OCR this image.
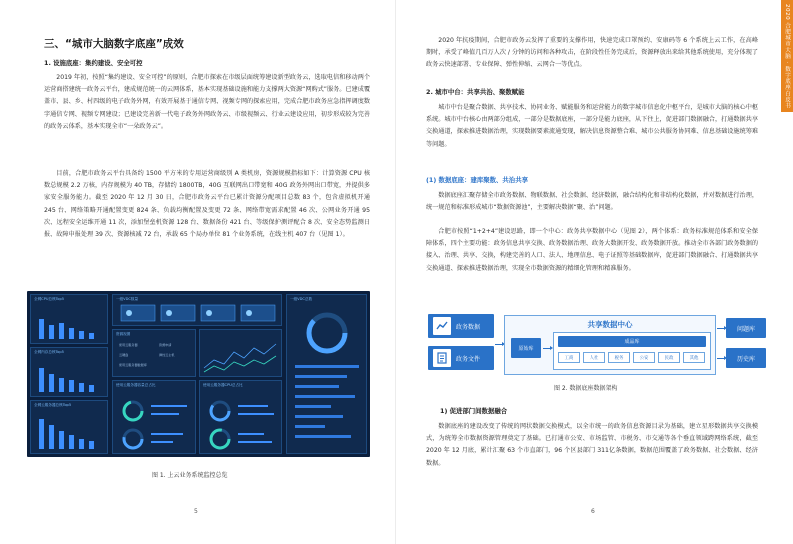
三、“城市大脑数字底座”成效
1. 设施底座：集约建设、安全可控

2019 年初，按照“集约建设、安全可控”的原则，合肥市探索在市级层面统筹建设新型政务云，选取电信和移动两个运营商搭建统一政务云平台，建成规范统一的云网体系，基本实现基础设施和能力支撑两大资源“网购式”服务。已建成覆盖市、县、乡、村四级的电子政务外网，有效开展基于通信专网、视频专网的探索应用，完成合肥市政务应急指挥调度数字通信专网、视频专网建设；已建设完善新一代电子政务外网政务云、市级视频云、行业云建设应用，初步形成较为完善的政务云体系，基本实现全市“一朵政务云”。

目前，合肥市政务云平台具备约 1500 平方米的专用运营商级别 A 类机房，资源规模指标如下：计算资源 CPU 核数总规模 2.2 万核，内存规模为 40 TB，存储约 1800TB，40G 互联网出口带宽和 40G 政务外网出口带宽，并提供多家安全服务能力。截至 2020 年 12 月 30 日，合肥市政务云平台已累计资源分配项目总数 83 个，包含虚拟机开通 245 台、网络策略开通配置变更 824 条、负载均衡配置及变更 72 条、网络带宽需求配置 46 次、公网业务开通 95 次、远程安全运维开通 11 次，添加堡垒机资源 128 台、数据备份 421 台、等级保护测评配合 8 次、安全态势监测日报、故障申报处理 39 次、资源核减 72 台，承载 65 个局办单位 81 个业务系统，在线主机 407 台（见图 1）。

全网CPU总核Top5
全网内存总核Top5
全网云服务器总核Top5
一级VDC数量
资源视图
使用云服务器	资源申请
云硬盘	弹性云主机
使用云服务器数据库
使用云服务器容量总占比	使用云服务器CPU总占比
一级VDC总数
图 1. 上云业务系统监控总览
5

2020 年抗疫期间，合肥市政务云发挥了重要的支撑作用，快速完成口罩预约、安康码等 6 个系统上云工作，在高峰期时，承受了峰值几百万人次 / 分钟的访问和各种攻击，在阶段性任务完成后，资源释放出来给其他系统使用，充分体现了政务云快速部署、专业保障、弹性伸缩、云网合一等优点。

2. 城市中台：共享共治、聚数赋能

城市中台是聚合数据、共享技术、协同业务、赋能服务和运营能力的数字城市信息化中枢平台，是城市大脑的核心中枢系统。城市中台核心由两部分组成，一部分是数据底座，一部分是能力底座，从下往上，促进部门数据融合，打通数据共享交换通道，探索推进数据治理，实现数据要素流通变现，解决信息资源整合难、城市公共服务协同难、信息基础设施统筹难等问题。

(1) 数据底座：建库聚数、共治共享

数据底座汇聚存储全市政务数据、物联数据、社会数据、经济数据，融合结构化和非结构化数据，并对数据进行治理，统一规范和标准形成城市“数据资源池”，主要解决数据“聚、治”问题。

合肥市按照“1+2+4”建设思路，即一个中心：政务共享数据中心（见图 2），两个体系：政务标准规范体系和安全保障体系，四个主要功能：政务信息共享交换、政务数据治理、政务大数据开发、政务数据开放。推动全市各部门政务数据的接入、治理、共享、交换，构建完善的人口、法人、地理信息、电子证照等基础数据库，促进部门数据融合、打通数据共享交换通道、探索推进数据治理，实现全市数据资源的精细化管理和精准服务。

政务数据
政务文件
共享数据中心
原始库
成品库
工商	人社	税务	公安	民政	其他
问题库
历史库
图 2. 数据底座数据架构
1) 促进部门间数据融合

数据底座的建设改变了传统的网状数据交换模式，以全市统一的政务信息资源目录为基础，建立星形数据共享交换模式，为统筹全市数据资源管理奠定了基础。已打通市公安、市场监管、市税务、市交通等各个垂直领域跨网络系统，截至 2020 年 12 月底，累计汇聚 63 个市直部门，96 个区县部门 311亿条数据，数据范围覆盖了政务数据、社会数据、经济数据。

6
2020 合肥城市大脑 · 数字底座白皮书
